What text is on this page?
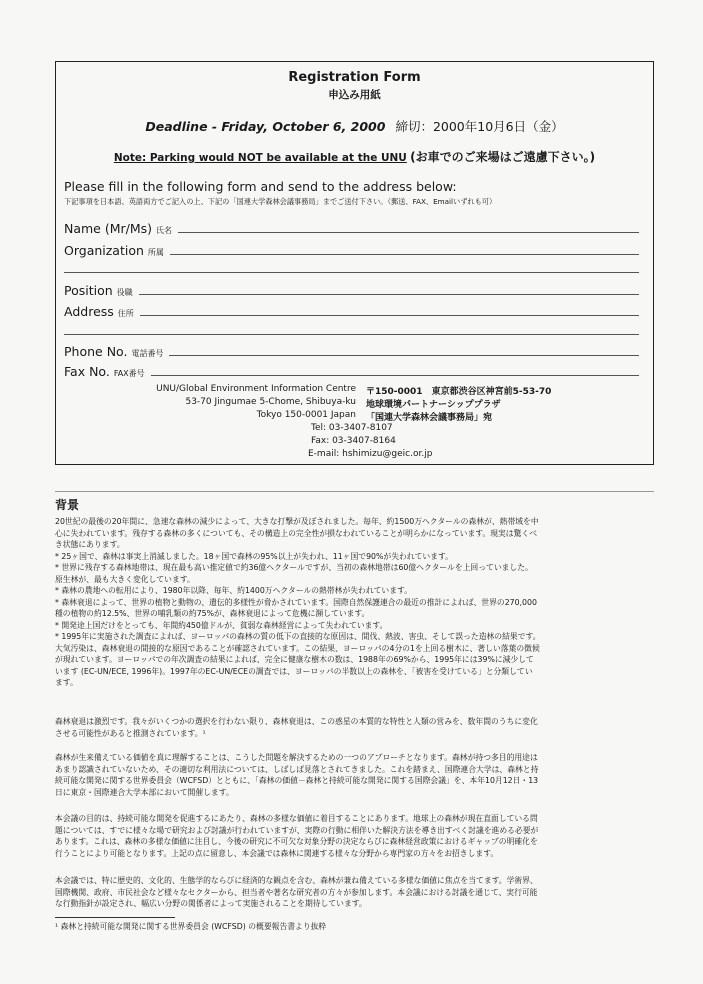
Registration Form
申込み用紙
Deadline - Friday, October 6, 2000 締切：2000年10月6日（金）
Note: Parking would NOT be available at the UNU (お車でのご来場はご遠慮下さい。)
Please fill in the following form and send to the address below:
下記事項を日本語、英語両方でご記入の上、下記の「国連大学森林会議事務局」までご送付下さい。（郵送、FAX、Emailいずれも可）
Name (Mr/Ms) 氏名
Organization 所属
Position 役職
Address 住所
Phone No. 電話番号
Fax No. FAX番号
UNU/Global Environment Information Centre
53-70 Jingumae 5-Chome, Shibuya-ku
Tokyo 150-0001 Japan
〒150-0001　東京都渋谷区神宮前5-53-70
地球環境パートナーシッププラザ
「国連大学森林会議事務局」宛
Tel: 03-3407-8107
Fax: 03-3407-8164
E-mail: hshimizu@geic.or.jp
背景

20世紀の最後の20年間に、急速な森林の減少によって、大きな打撃が及ぼされました。毎年、約1500万ヘクタールの森林が、熱帯域を中

心に失われています。残存する森林の多くについても、その構造上の完全性が損なわれていることが明らかになっています。現実は驚くべ

き状態にあります。

* 25ヶ国で、森林は事実上消滅しました。18ヶ国で森林の95%以上が失われ、11ヶ国で90%が失われています。

* 世界に残存する森林地帯は、現在最も高い推定値で約36億ヘクタールですが、当初の森林地帯は60億ヘクタールを上回っていました。

原生林が、最も大きく変化しています。

* 森林の農地への転用により、1980年以降、毎年、約1400万ヘクタールの熱帯林が失われています。

* 森林衰退によって、世界の植物と動物の、遺伝的多様性が脅かされています。国際自然保護連合の最近の推計によれば、世界の270,000

種の植物の約12.5%、世界の哺乳類の約75%が、森林衰退によって危機に瀕しています。

* 開発途上国だけをとっても、年間約450億ドルが、貧弱な森林経営によって失われています。

* 1995年に実施された調査によれば、ヨーロッパの森林の質の低下の直接的な原因は、間伐、熱波、害虫、そして誤った造林の結果です。

大気汚染は、森林衰退の間接的な原因であることが確認されています。この結果、ヨーロッパの4分の1を上回る樹木に、著しい落葉の徴候

が現れています。ヨーロッパでの年次調査の結果によれば、完全に健康な樹木の数は、1988年の69%から、1995年には39%に減少して

います (EC-UN/ECE, 1996年)。1997年のEC-UN/ECEの調査では、ヨーロッパの半数以上の森林を、「被害を受けている」と分類してい

ます。

森林衰退は激烈です。我々がいくつかの選択を行わない限り、森林衰退は、この惑星の本質的な特性と人類の営みを、数年間のうちに変化

させる可能性があると推測されています。¹

森林が生来備えている価値を真に理解することは、こうした問題を解決するための一つのアプローチとなります。森林が持つ多目的用途は

あまり認識されていないため、その適切な利用法については、しばしば見落とされてきました。これを踏まえ、国際連合大学は、森林と持

続可能な開発に関する世界委員会（WCFSD）とともに、「森林の価値－森林と持続可能な開発に関する国際会議」を、本年10月12日・13

日に東京・国際連合大学本部において開催します。

本会議の目的は、持続可能な開発を促進するにあたり、森林の多様な価値に着目することにあります。地球上の森林が現在直面している問

題については、すでに様々な場で研究および討議が行われていますが、実際の行動に相伴いた解決方法を導き出すべく討議を進める必要が

あります。これは、森林の多様な価値に注目し、今後の研究に不可欠な対象分野の決定ならびに森林経営政策におけるギャップの明確化を

行うことにより可能となります。上記の点に留意し、本会議では森林に関連する様々な分野から専門家の方々をお招きします。

本会議では、特に歴史的、文化的、生態学的ならびに経済的な観点を含む、森林が兼ね備えている多様な価値に焦点を当てます。学術界、

国際機関、政府、市民社会など様々なセクターから、担当者や著名な研究者の方々が参加します。本会議における討議を通じて、実行可能

な行動指針が設定され、幅広い分野の関係者によって実施されることを期待しています。

¹ 森林と持続可能な開発に関する世界委員会 (WCFSD) の概要報告書より抜粋
